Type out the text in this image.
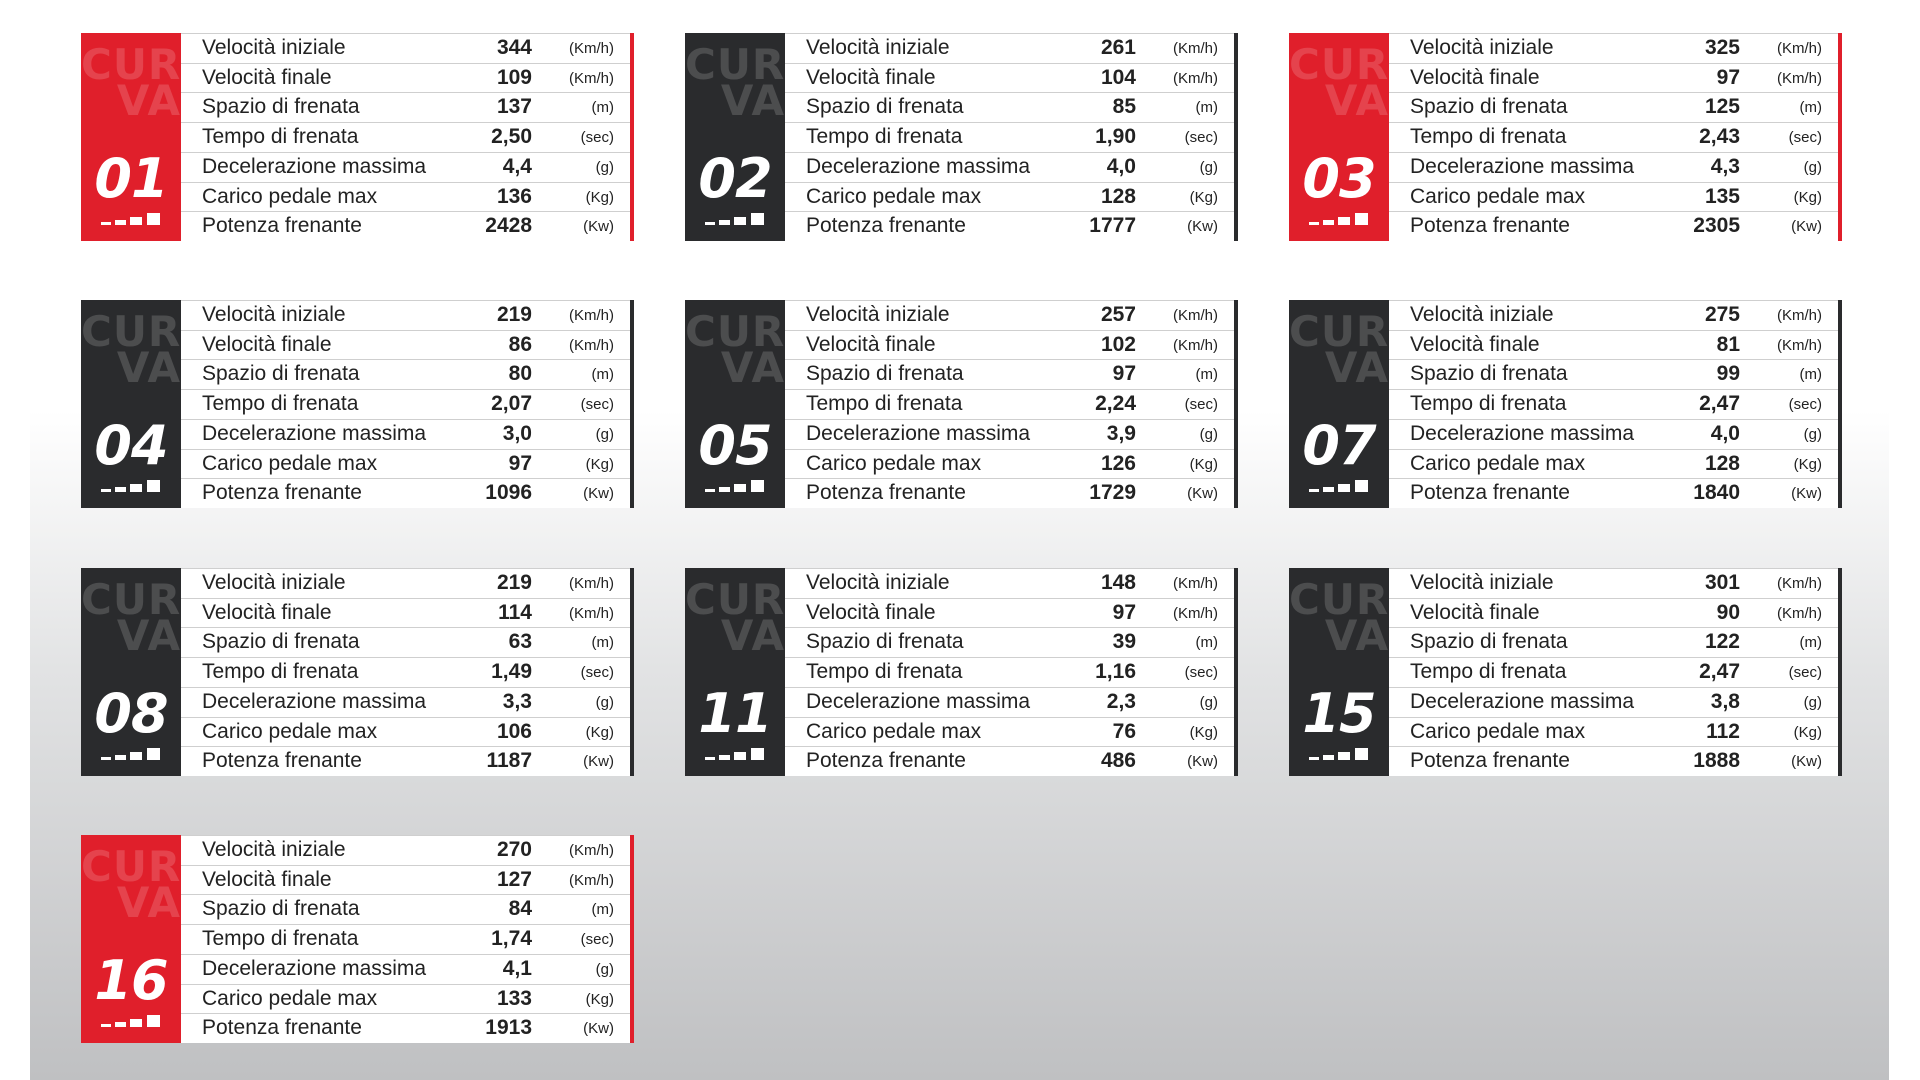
CUR
VA
01
Velocità iniziale	344 (Km/h)
Velocità finale	109 (Km/h)
Spazio di frenata	137	(m)
Tempo di frenata	2,50	(sec)
Decelerazione massima	4,4	(g)
Carico pedale max	136	(Kg)
Potenza frenante	2428	(Kw)
CUR
VA
02
Velocità iniziale	261 (Km/h)
Velocità finale	104 (Km/h)
Spazio di frenata	85	(m)
Tempo di frenata	1,90	(sec)
Decelerazione massima	4,0	(g)
Carico pedale max	128	(Kg)
Potenza frenante	1777	(Kw)
CUR
VA
03
Velocità iniziale	325 (Km/h)
Velocità finale	97 (Km/h)
Spazio di frenata	125	(m)
Tempo di frenata	2,43	(sec)
Decelerazione massima	4,3	(g)
Carico pedale max	135	(Kg)
Potenza frenante	2305	(Kw)
CUR
VA
04
Velocità iniziale	219 (Km/h)
Velocità finale	86 (Km/h)
Spazio di frenata	80	(m)
Tempo di frenata	2,07	(sec)
Decelerazione massima	3,0	(g)
Carico pedale max	97	(Kg)
Potenza frenante	1096	(Kw)
CUR
VA
05
Velocità iniziale	257 (Km/h)
Velocità finale	102 (Km/h)
Spazio di frenata	97	(m)
Tempo di frenata	2,24	(sec)
Decelerazione massima	3,9	(g)
Carico pedale max	126	(Kg)
Potenza frenante	1729	(Kw)
CUR
VA
07
Velocità iniziale	275 (Km/h)
Velocità finale	81 (Km/h)
Spazio di frenata	99	(m)
Tempo di frenata	2,47	(sec)
Decelerazione massima	4,0	(g)
Carico pedale max	128	(Kg)
Potenza frenante	1840	(Kw)
CUR
VA
08
Velocità iniziale	219 (Km/h)
Velocità finale	114 (Km/h)
Spazio di frenata	63	(m)
Tempo di frenata	1,49	(sec)
Decelerazione massima	3,3	(g)
Carico pedale max	106	(Kg)
Potenza frenante	1187	(Kw)
CUR
VA
11
Velocità iniziale	148 (Km/h)
Velocità finale	97 (Km/h)
Spazio di frenata	39	(m)
Tempo di frenata	1,16	(sec)
Decelerazione massima	2,3	(g)
Carico pedale max	76	(Kg)
Potenza frenante	486	(Kw)
CUR
VA
15
Velocità iniziale	301 (Km/h)
Velocità finale	90 (Km/h)
Spazio di frenata	122	(m)
Tempo di frenata	2,47	(sec)
Decelerazione massima	3,8	(g)
Carico pedale max	112	(Kg)
Potenza frenante	1888	(Kw)
CUR
VA
16
Velocità iniziale	270 (Km/h)
Velocità finale	127 (Km/h)
Spazio di frenata	84	(m)
Tempo di frenata	1,74	(sec)
Decelerazione massima	4,1	(g)
Carico pedale max	133	(Kg)
Potenza frenante	1913	(Kw)
